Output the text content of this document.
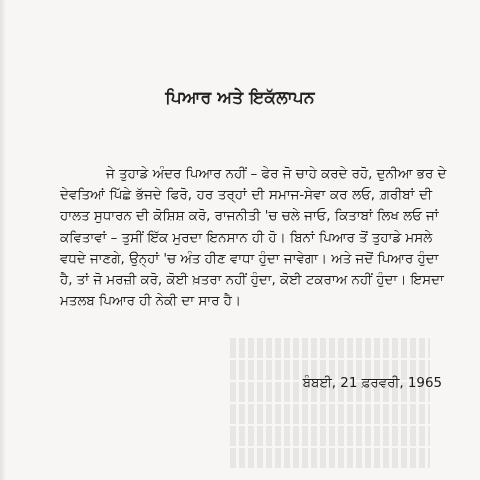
ਪਿਆਰ ਅਤੇ ਇਕੱਲਾਪਨ
ਜੇ ਤੁਹਾਡੇ ਅੰਦਰ ਪਿਆਰ ਨਹੀਂ – ਫੇਰ ਜੋ ਚਾਹੇ ਕਰਦੇ ਰਹੋ, ਦੁਨੀਆ ਭਰ ਦੇ
ਦੇਵਤਿਆਂ ਪਿੱਛੇ ਭੱਜਦੇ ਫਿਰੋ, ਹਰ ਤਰ੍ਹਾਂ ਦੀ ਸਮਾਜ-ਸੇਵਾ ਕਰ ਲਓ, ਗ਼ਰੀਬਾਂ ਦੀ
ਹਾਲਤ ਸੁਧਾਰਨ ਦੀ ਕੋਸ਼ਿਸ਼ ਕਰੋ, ਰਾਜਨੀਤੀ 'ਚ ਚਲੇ ਜਾਓ, ਕਿਤਾਬਾਂ ਲਿਖ ਲਓ ਜਾਂ
ਕਵਿਤਾਵਾਂ – ਤੁਸੀਂ ਇੱਕ ਮੁਰਦਾ ਇਨਸਾਨ ਹੀ ਹੋ। ਬਿਨਾਂ ਪਿਆਰ ਤੋਂ ਤੁਹਾਡੇ ਮਸਲੇ
ਵਧਦੇ ਜਾਣਗੇ, ਉਨ੍ਹਾਂ 'ਚ ਅੰਤ ਹੀਣ ਵਾਧਾ ਹੁੰਦਾ ਜਾਵੇਗਾ। ਅਤੇ ਜਦੋਂ ਪਿਆਰ ਹੁੰਦਾ
ਹੈ, ਤਾਂ ਜੋ ਮਰਜ਼ੀ ਕਰੋ, ਕੋਈ ਖ਼ਤਰਾ ਨਹੀਂ ਹੁੰਦਾ, ਕੋਈ ਟਕਰਾਅ ਨਹੀਂ ਹੁੰਦਾ। ਇਸਦਾ
ਮਤਲਬ ਪਿਆਰ ਹੀ ਨੇਕੀ ਦਾ ਸਾਰ ਹੈ।
ਬੰਬਈ, 21 ਫ਼ਰਵਰੀ, 1965
